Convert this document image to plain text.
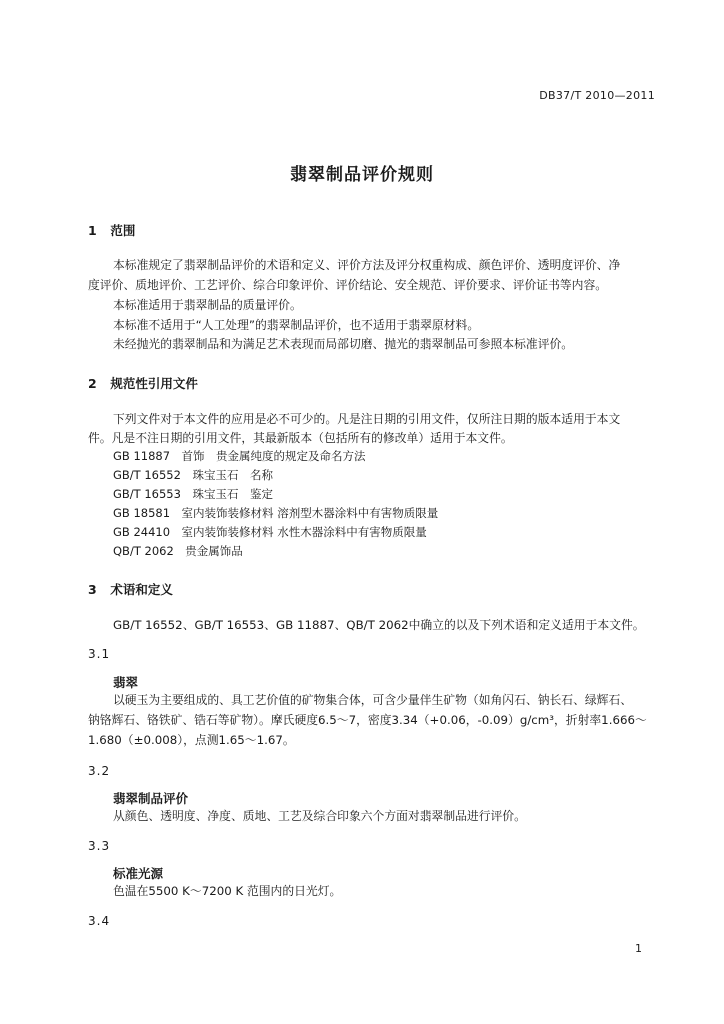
DB37/T 2010—2011
翡翠制品评价规则
1 范围
本标准规定了翡翠制品评价的术语和定义、评价方法及评分权重构成、颜色评价、透明度评价、净
度评价、质地评价、工艺评价、综合印象评价、评价结论、安全规范、评价要求、评价证书等内容。
本标准适用于翡翠制品的质量评价。
本标准不适用于“人工处理”的翡翠制品评价，也不适用于翡翠原材料。
未经抛光的翡翠制品和为满足艺术表现而局部切磨、抛光的翡翠制品可参照本标准评价。
2 规范性引用文件
下列文件对于本文件的应用是必不可少的。凡是注日期的引用文件，仅所注日期的版本适用于本文
件。凡是不注日期的引用文件，其最新版本（包括所有的修改单）适用于本文件。
GB 11887　首饰　贵金属纯度的规定及命名方法
GB/T 16552　珠宝玉石　名称
GB/T 16553　珠宝玉石　鉴定
GB 18581　室内装饰装修材料 溶剂型木器涂料中有害物质限量
GB 24410　室内装饰装修材料 水性木器涂料中有害物质限量
QB/T 2062　贵金属饰品
3 术语和定义
GB/T 16552、GB/T 16553、GB 11887、QB/T 2062中确立的以及下列术语和定义适用于本文件。
3.1
翡翠
以硬玉为主要组成的、具工艺价值的矿物集合体，可含少量伴生矿物（如角闪石、钠长石、绿辉石、
钠铬辉石、铬铁矿、锆石等矿物）。摩氏硬度6.5～7，密度3.34（+0.06，-0.09）g/cm³，折射率1.666～
1.680（±0.008），点测1.65～1.67。
3.2
翡翠制品评价
从颜色、透明度、净度、质地、工艺及综合印象六个方面对翡翠制品进行评价。
3.3
标准光源
色温在5500 K～7200 K 范围内的日光灯。
3.4
1
